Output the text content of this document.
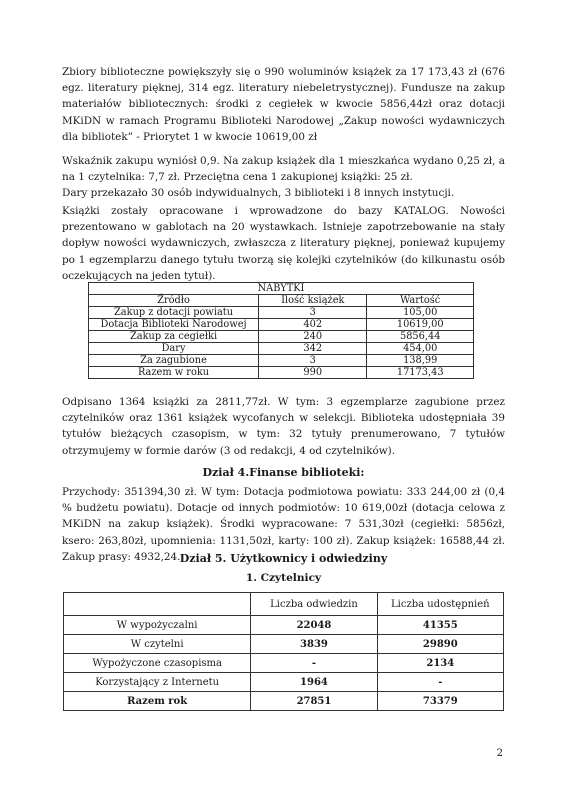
Zbiory biblioteczne powiększyły się o 990 woluminów książek za 17 173,43 zł (676 egz. literatury pięknej, 314 egz. literatury niebeletrystycznej). Fundusze na zakup materiałów bibliotecznych: środki z cegiełek w kwocie 5856,44zł oraz dotacji MKiDN w ramach Programu Biblioteki Narodowej „Zakup nowości wydawniczych dla bibliotek” - Priorytet 1 w kwocie 10619,00 zł

Wskaźnik zakupu wyniósł 0,9. Na zakup książek dla 1 mieszkańca wydano 0,25 zł, a na 1 czytelnika: 7,7 zł. Przeciętna cena 1 zakupionej książki: 25 zł.

Dary przekazało 30 osób indywidualnych, 3 biblioteki i 8 innych instytucji.

Książki zostały opracowane i wprowadzone do bazy KATALOG. Nowości prezentowano w gablotach na 20 wystawkach. Istnieje zapotrzebowanie na stały dopływ nowości wydawniczych, zwłaszcza z literatury pięknej, ponieważ kupujemy po 1 egzemplarzu danego tytułu tworzą się kolejki czytelników (do kilkunastu osób oczekujących na jeden tytuł).

NABYTKI		
Źródło	Ilość książek	Wartość
Zakup z dotacji powiatu	3	105,00
Dotacja Biblioteki Narodowej	402	10619,00
Zakup za cegiełki	240	5856,44
Dary	342	454,00
Za zagubione	3	138,99
Razem w roku	990	17173,43

Odpisano 1364 książki za 2811,77zł. W tym: 3 egzemplarze zagubione przez czytelników oraz 1361 książek wycofanych w selekcji. Biblioteka udostępniała 39 tytułów bieżących czasopism, w tym: 32 tytuły prenumerowano, 7 tytułów otrzymujemy w formie darów (3 od redakcji, 4 od czytelników).

Dział 4.Finanse biblioteki:

Przychody: 351394,30 zł. W tym: Dotacja podmiotowa powiatu: 333 244,00 zł (0,4 % budżetu powiatu). Dotacje od innych podmiotów: 10 619,00zł (dotacja celowa z MKiDN na zakup książek). Środki wypracowane: 7 531,30zł (cegiełki: 5856zł, ksero: 263,80zł, upomnienia: 1131,50zł, karty: 100 zł). Zakup książek: 16588,44 zł. Zakup prasy: 4932,24. Dział 5. Użytkownicy i odwiedziny
1. Czytelnicy
	Liczba odwiedzin	Liczba udostępnień
W wypożyczalni	22048	41355
W czytelni	3839	29890
Wypożyczone czasopisma	-	2134
Korzystający z Internetu	1964	-
Razem rok	27851	73379
2
